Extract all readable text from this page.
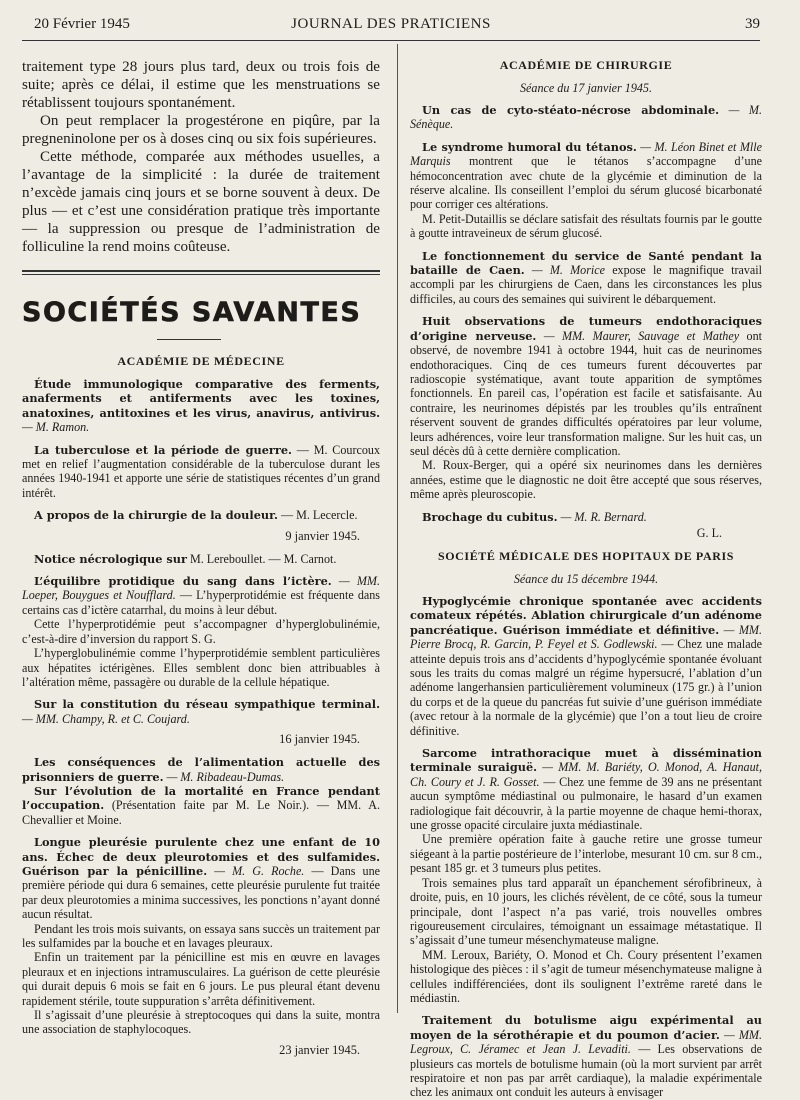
20 Février 1945	JOURNAL DES PRATICIENS	39

traitement type 28 jours plus tard, deux ou trois fois de suite; après ce délai, il estime que les menstruations se rétablissent toujours spontanément.

On peut remplacer la progestérone en piqûre, par la pregneninolone per os à doses cinq ou six fois supérieures.

Cette méthode, comparée aux méthodes usuelles, a l’avantage de la simplicité : la durée de traitement n’excède jamais cinq jours et se borne souvent à deux. De plus — et c’est une considération pratique très importante — la suppression ou presque de l’administration de folliculine la rend moins coûteuse.

SOCIÉTÉS SAVANTES
ACADÉMIE DE MÉDECINE

Étude immunologique comparative des ferments, anaferments et antiferments avec les toxines, anatoxines, antitoxines et les virus, anavirus, antivirus. — M. Ramon.

La tuberculose et la période de guerre. — M. Courcoux met en relief l’augmentation considérable de la tuberculose durant les années 1940-1941 et apporte une série de statistiques récentes d’un grand intérêt.

A propos de la chirurgie de la douleur. — M. Lecercle.

9 janvier 1945.

Notice nécrologique sur M. Lereboullet. — M. Carnot.

L’équilibre protidique du sang dans l’ictère. — MM. Loeper, Bouygues et Noufflard. — L’hyperprotidémie est fréquente dans certains cas d’ictère catarrhal, du moins à leur début.

Cette l’hyperprotidémie peut s’accompagner d’hyperglobulinémie, c’est-à-dire d’inversion du rapport S. G.

L’hyperglobulinémie comme l’hyperprotidémie semblent particulières aux hépatites ictérigènes. Elles semblent donc bien attribuables à l’altération même, passagère ou durable de la cellule hépatique.

Sur la constitution du réseau sympathique terminal. — MM. Champy, R. et C. Coujard.

16 janvier 1945.

Les conséquences de l’alimentation actuelle des prisonniers de guerre. — M. Ribadeau-Dumas.

Sur l’évolution de la mortalité en France pendant l’occupation. (Présentation faite par M. Le Noir.). — MM. A. Chevallier et Moine.

Longue pleurésie purulente chez une enfant de 10 ans. Échec de deux pleurotomies et des sulfamides. Guérison par la pénicilline. — M. G. Roche. — Dans une première période qui dura 6 semaines, cette pleurésie purulente fut traitée par deux pleurotomies a minima successives, les ponctions n’ayant donné aucun résultat.

Pendant les trois mois suivants, on essaya sans succès un traitement par les sulfamides par la bouche et en lavages pleuraux.

Enfin un traitement par la pénicilline est mis en œuvre en lavages pleuraux et en injections intramusculaires. La guérison de cette pleurésie qui durait depuis 6 mois se fait en 6 jours. Le pus pleural étant devenu rapidement stérile, toute suppuration s’arrêta définitivement.

Il s’agissait d’une pleurésie à streptocoques qui dans la suite, montra une association de staphylocoques.

23 janvier 1945.
ACADÉMIE DE CHIRURGIE
Séance du 17 janvier 1945.

Un cas de cyto-stéato-nécrose abdominale. — M. Sénèque.

Le syndrome humoral du tétanos. — M. Léon Binet et Mlle Marquis montrent que le tétanos s’accompagne d’une hémoconcentration avec chute de la glycémie et diminution de la réserve alcaline. Ils conseillent l’emploi du sérum glucosé bicarbonaté pour corriger ces altérations.

M. Petit-Dutaillis se déclare satisfait des résultats fournis par le goutte à goutte intraveineux de sérum glucosé.

Le fonctionnement du service de Santé pendant la bataille de Caen. — M. Morice expose le magnifique travail accompli par les chirurgiens de Caen, dans les circonstances les plus difficiles, au cours des semaines qui suivirent le débarquement.

Huit observations de tumeurs endothoraciques d’origine nerveuse. — MM. Maurer, Sauvage et Mathey ont observé, de novembre 1941 à octobre 1944, huit cas de neurinomes endothoraciques. Cinq de ces tumeurs furent découvertes par radioscopie systématique, avant toute apparition de symptômes fonctionnels. En pareil cas, l’opération est facile et satisfaisante. Au contraire, les neurinomes dépistés par les troubles qu’ils entraînent réservent souvent de grandes difficultés opératoires par leur volume, leurs adhérences, voire leur transformation maligne. Sur les huit cas, un seul décès dû à cette dernière complication.

M. Roux-Berger, qui a opéré six neurinomes dans les dernières années, estime que le diagnostic ne doit être accepté que sous réserves, même après pleuroscopie.

Brochage du cubitus. — M. R. Bernard.

G. L.
SOCIÉTÉ MÉDICALE DES HOPITAUX DE PARIS
Séance du 15 décembre 1944.

Hypoglycémie chronique spontanée avec accidents comateux répétés. Ablation chirurgicale d’un adénome pancréatique. Guérison immédiate et définitive. — MM. Pierre Brocq, R. Garcin, P. Feyel et S. Godlewski. — Chez une malade atteinte depuis trois ans d’accidents d’hypoglycémie spontanée évoluant sous les traits du comas malgré un régime hypersucré, l’ablation d’un adénome langerhansien particulièrement volumineux (175 gr.) à l’union du corps et de la queue du pancréas fut suivie d’une guérison immédiate (avec retour à la normale de la glycémie) que l’on a tout lieu de croire définitive.

Sarcome intrathoracique muet à dissémination terminale suraiguë. — MM. M. Bariéty, O. Monod, A. Hanaut, Ch. Coury et J. R. Gosset. — Chez une femme de 39 ans ne présentant aucun symptôme médiastinal ou pulmonaire, le hasard d’un examen radiologique fait découvrir, à la partie moyenne de chaque hemi-thorax, une grosse opacité circulaire juxta médiastinale.

Une première opération faite à gauche retire une grosse tumeur siégeant à la partie postérieure de l’interlobe, mesurant 10 cm. sur 8 cm., pesant 185 gr. et 3 tumeurs plus petites.

Trois semaines plus tard apparaît un épanchement sérofibrineux, à droite, puis, en 10 jours, les clichés révèlent, de ce côté, sous la tumeur principale, dont l’aspect n’a pas varié, trois nouvelles ombres rigoureusement circulaires, témoignant un essaimage métastatique. Il s’agissait d’une tumeur mésenchymateuse maligne.

MM. Leroux, Bariéty, O. Monod et Ch. Coury présentent l’examen histologique des pièces : il s’agit de tumeur mésenchymateuse maligne à cellules indifférenciées, dont ils soulignent l’extrême rareté dans le médiastin.

Traitement du botulisme aigu expérimental au moyen de la sérothérapie et du poumon d’acier. — MM. Legroux, C. Jéramec et Jean J. Levaditi. — Les observations de plusieurs cas mortels de botulisme humain (où la mort survient par arrêt respiratoire et non pas par arrêt cardiaque), la maladie expérimentale chez les animaux ont conduit les auteurs à envisager
